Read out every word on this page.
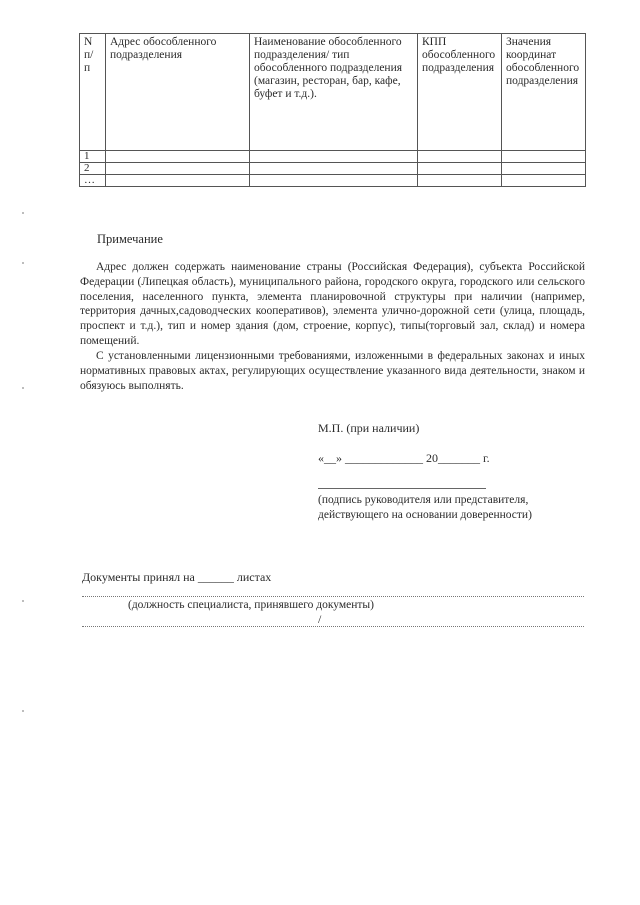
N п/ п	Адрес обособленного подразделения	Наименование обособленного подразделения/ тип обособленного подразделения (магазин, ресторан, бар, кафе, буфет и т.д.).	КПП обособленного подразделения	Значения координат обособленного подразделения
1				
2				
…				
Примечание

Адрес должен содержать наименование страны (Российская Федерация), субъекта Российской Федерации (Липецкая область), муниципального района, городского округа, городского или сельского поселения, населенного пункта, элемента планировочной структуры при наличии (например, территория дачных,садоводческих кооперативов), элемента улично-дорожной сети (улица, площадь, проспект и т.д.), тип и номер здания (дом, строение, корпус), типы(торговый зал, склад) и номера помещений.

С установленными лицензионными требованиями, изложенными в федеральных законах и иных нормативных правовых актах, регулирующих осуществление указанного вида деятельности, знаком и обязуюсь выполнять.

М.П. (при наличии)
«__» _____________ 20_______ г.
(подпись руководителя или представителя, действующего на основании доверенности)
Документы принял на ______ листах
(должность специалиста, принявшего документы)
/
